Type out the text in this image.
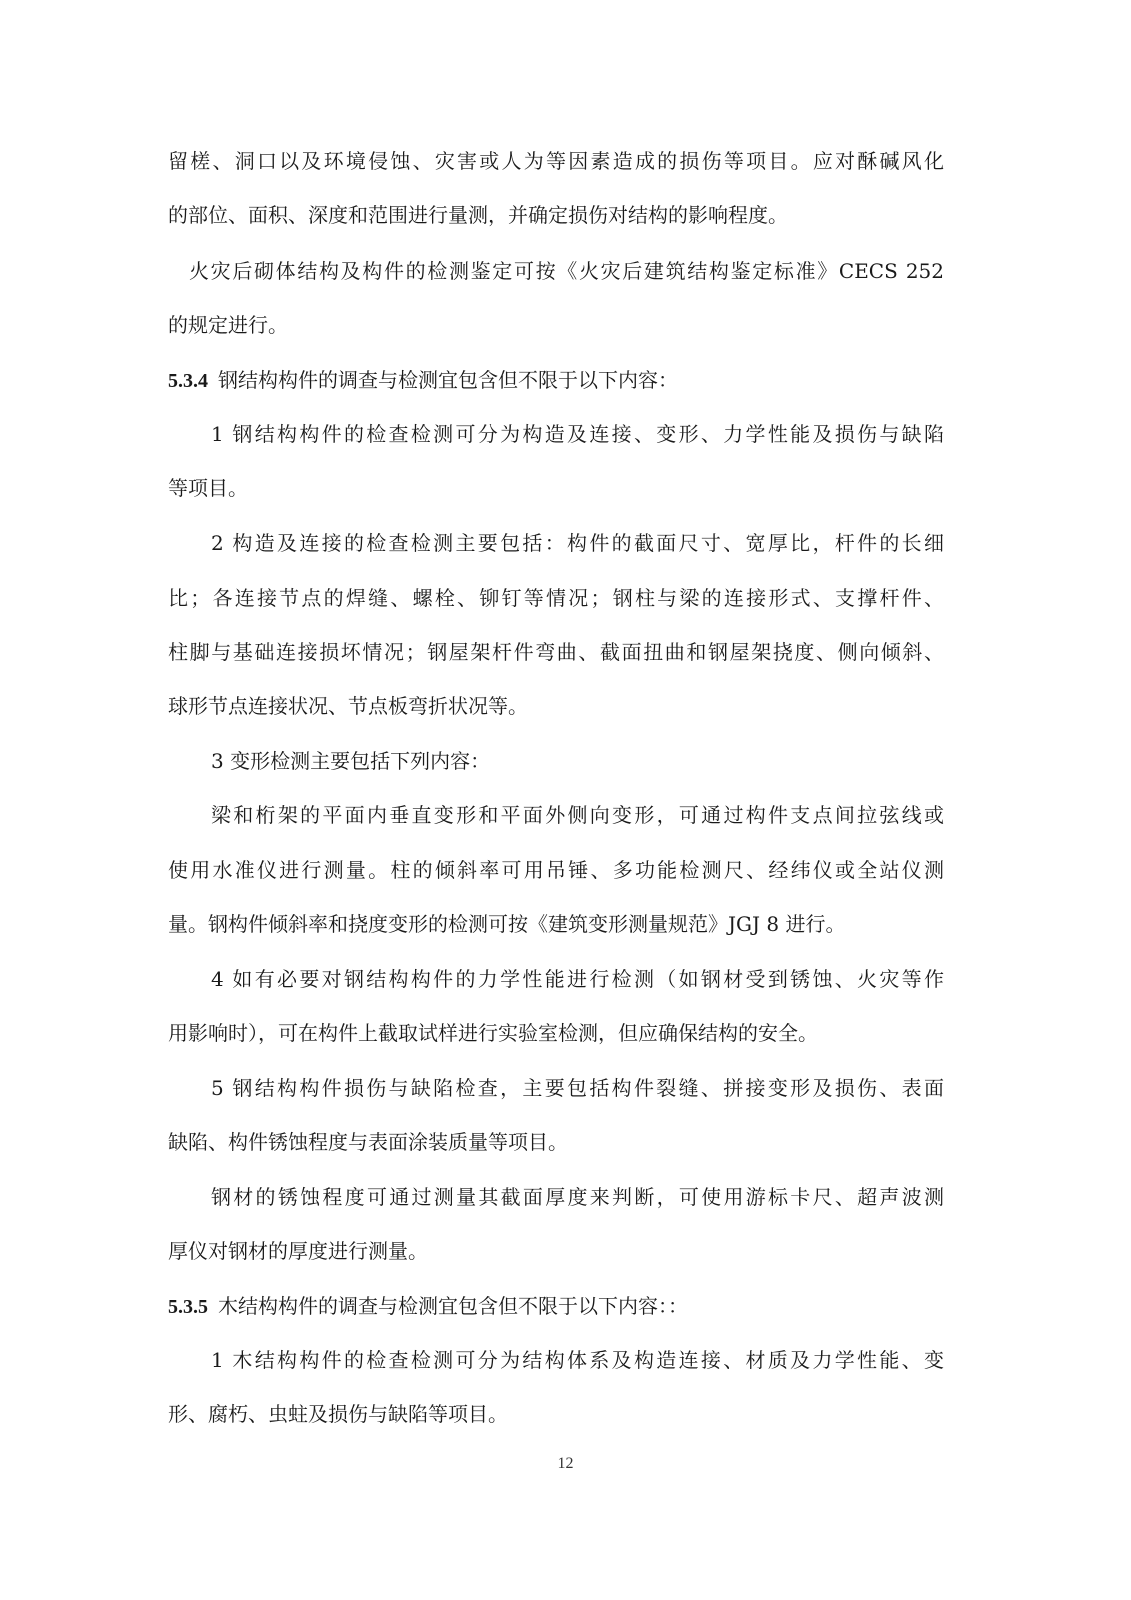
留槎、洞口以及环境侵蚀、灾害或人为等因素造成的损伤等项目。应对酥碱风化
的部位、面积、深度和范围进行量测，并确定损伤对结构的影响程度。
火灾后砌体结构及构件的检测鉴定可按《火灾后建筑结构鉴定标准》CECS 252
的规定进行。
5.3.4 钢结构构件的调查与检测宜包含但不限于以下内容：
1 钢结构构件的检查检测可分为构造及连接、变形、力学性能及损伤与缺陷
等项目。
2 构造及连接的检查检测主要包括：构件的截面尺寸、宽厚比，杆件的长细
比；各连接节点的焊缝、螺栓、铆钉等情况；钢柱与梁的连接形式、支撑杆件、
柱脚与基础连接损坏情况；钢屋架杆件弯曲、截面扭曲和钢屋架挠度、侧向倾斜、
球形节点连接状况、节点板弯折状况等。
3 变形检测主要包括下列内容：
梁和桁架的平面内垂直变形和平面外侧向变形，可通过构件支点间拉弦线或
使用水准仪进行测量。柱的倾斜率可用吊锤、多功能检测尺、经纬仪或全站仪测
量。钢构件倾斜率和挠度变形的检测可按《建筑变形测量规范》JGJ 8 进行。
4 如有必要对钢结构构件的力学性能进行检测（如钢材受到锈蚀、火灾等作
用影响时），可在构件上截取试样进行实验室检测，但应确保结构的安全。
5 钢结构构件损伤与缺陷检查，主要包括构件裂缝、拼接变形及损伤、表面
缺陷、构件锈蚀程度与表面涂装质量等项目。
钢材的锈蚀程度可通过测量其截面厚度来判断，可使用游标卡尺、超声波测
厚仪对钢材的厚度进行测量。
5.3.5 木结构构件的调查与检测宜包含但不限于以下内容：：
1 木结构构件的检查检测可分为结构体系及构造连接、材质及力学性能、变
形、腐朽、虫蛀及损伤与缺陷等项目。
12
